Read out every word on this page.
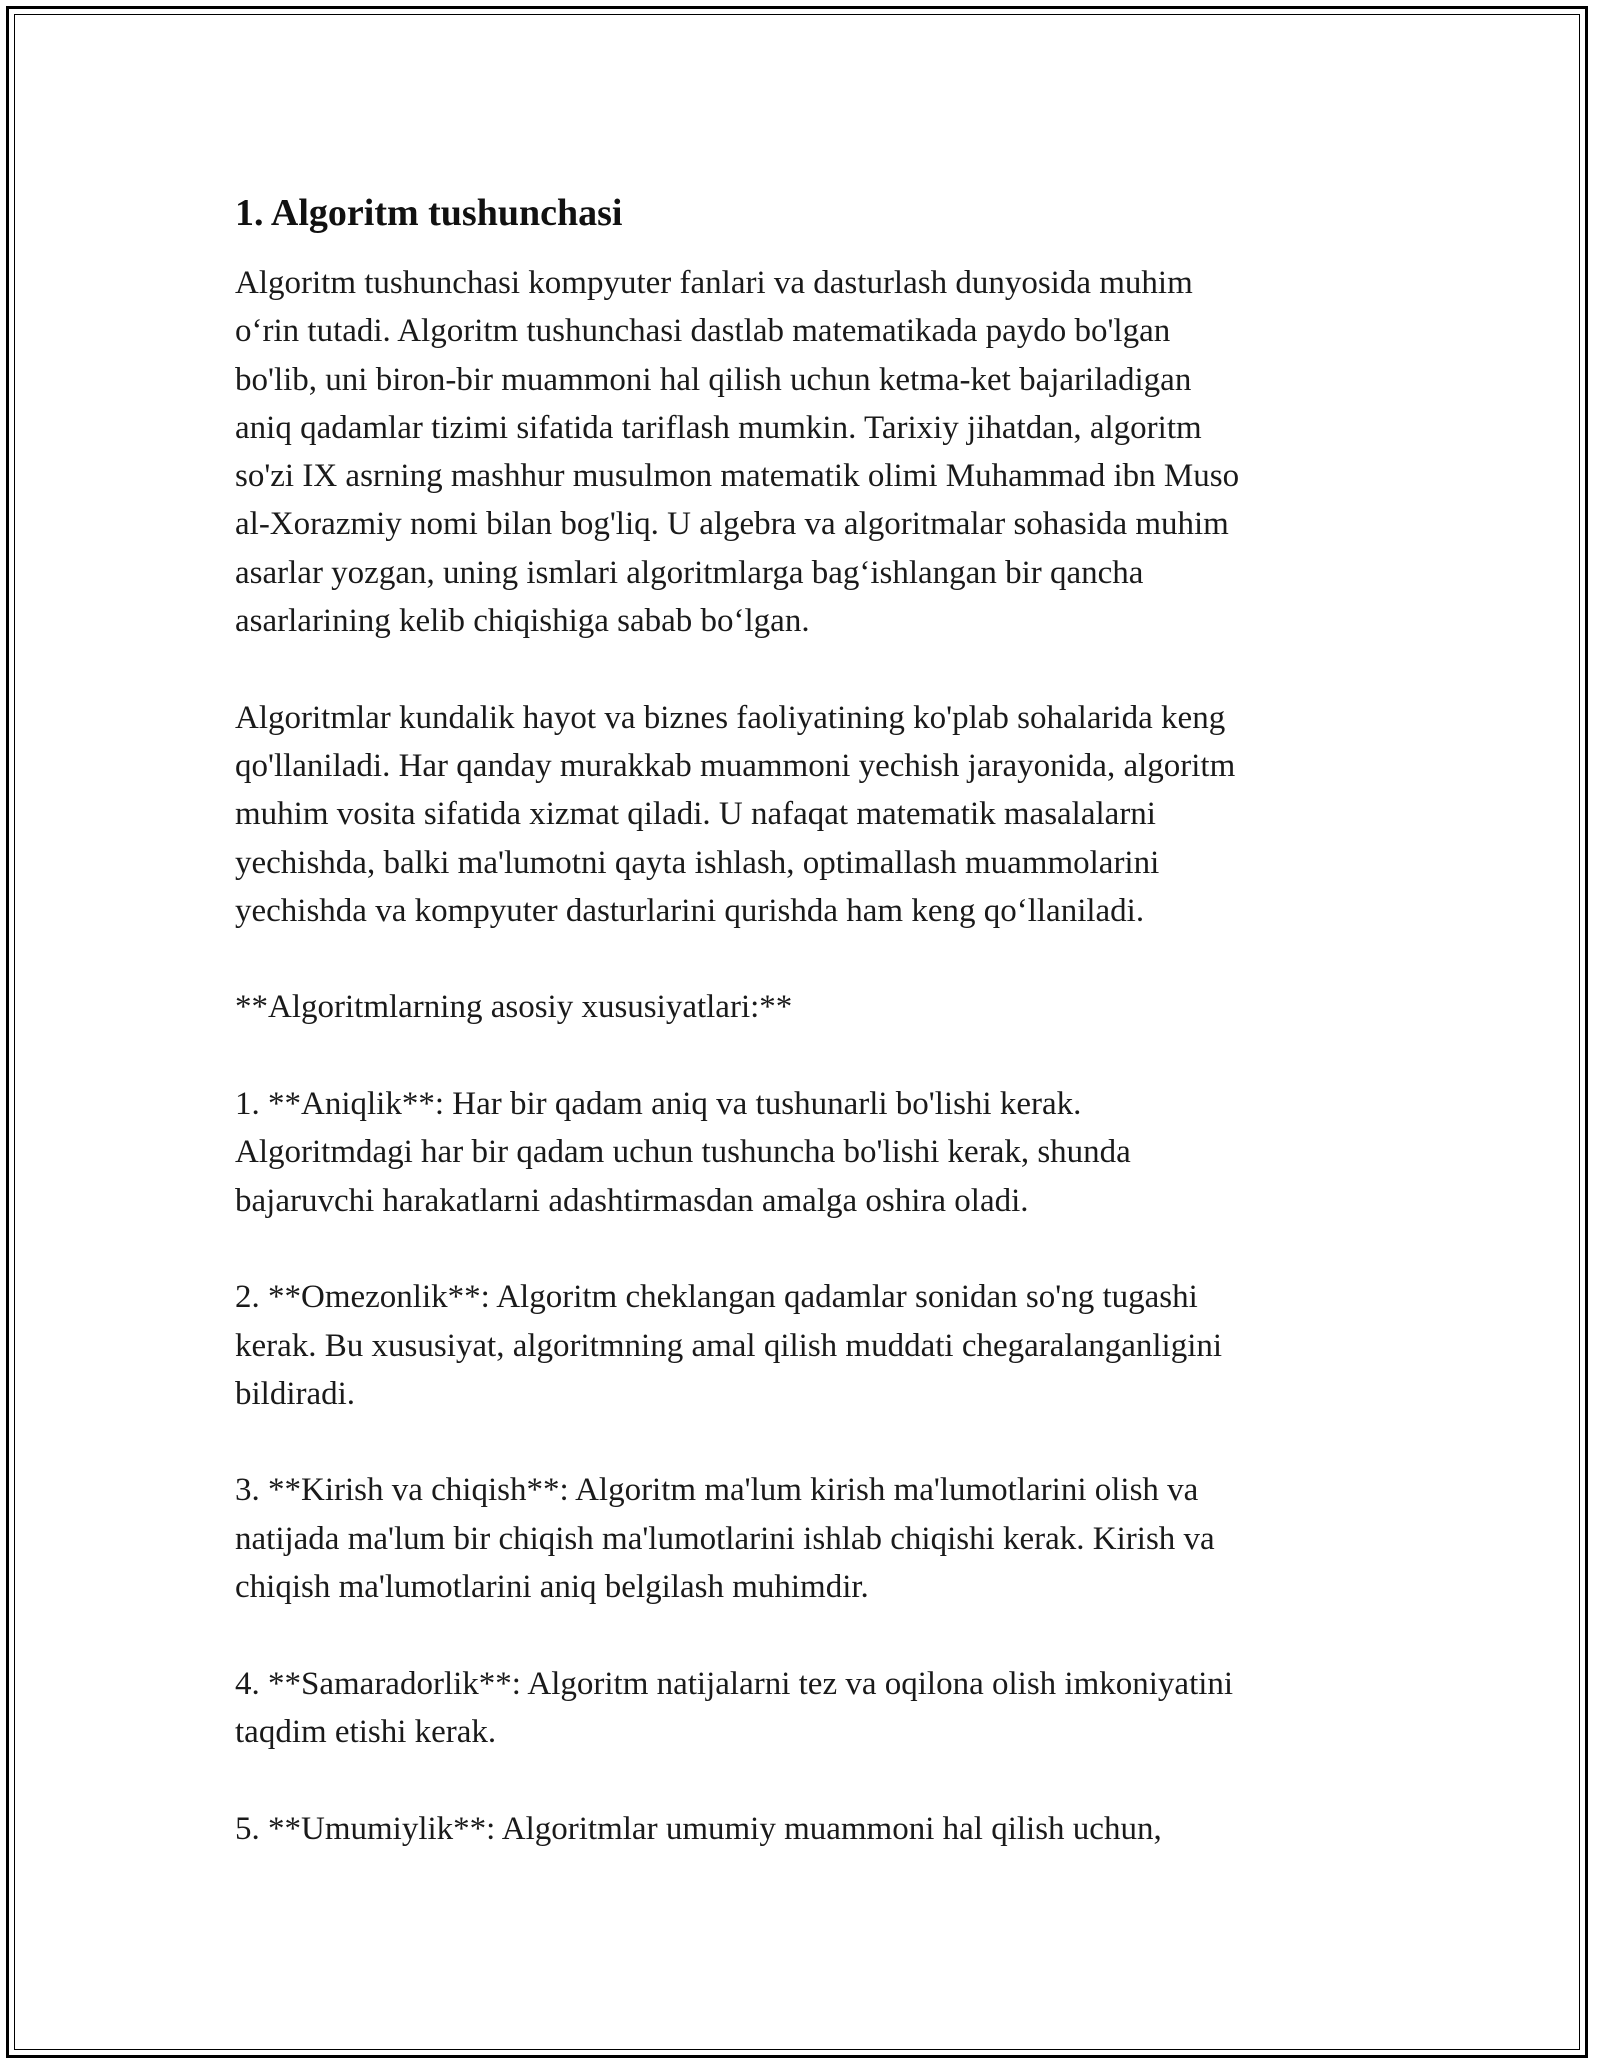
1. Algoritm tushunchasi
Algoritm tushunchasi kompyuter fanlari va dasturlash dunyosida muhim
o‘rin tutadi. Algoritm tushunchasi dastlab matematikada paydo bo'lgan
bo'lib, uni biron-bir muammoni hal qilish uchun ketma-ket bajariladigan
aniq qadamlar tizimi sifatida tariflash mumkin. Tarixiy jihatdan, algoritm
so'zi IX asrning mashhur musulmon matematik olimi Muhammad ibn Muso
al-Xorazmiy nomi bilan bog'liq. U algebra va algoritmalar sohasida muhim
asarlar yozgan, uning ismlari algoritmlarga bag‘ishlangan bir qancha
asarlarining kelib chiqishiga sabab bo‘lgan.
Algoritmlar kundalik hayot va biznes faoliyatining ko'plab sohalarida keng
qo'llaniladi. Har qanday murakkab muammoni yechish jarayonida, algoritm
muhim vosita sifatida xizmat qiladi. U nafaqat matematik masalalarni
yechishda, balki ma'lumotni qayta ishlash, optimallash muammolarini
yechishda va kompyuter dasturlarini qurishda ham keng qo‘llaniladi.
**Algoritmlarning asosiy xususiyatlari:**
1. **Aniqlik**: Har bir qadam aniq va tushunarli bo'lishi kerak.
Algoritmdagi har bir qadam uchun tushuncha bo'lishi kerak, shunda
bajaruvchi harakatlarni adashtirmasdan amalga oshira oladi.
2. **Omezonlik**: Algoritm cheklangan qadamlar sonidan so'ng tugashi
kerak. Bu xususiyat, algoritmning amal qilish muddati chegaralanganligini
bildiradi.
3. **Kirish va chiqish**: Algoritm ma'lum kirish ma'lumotlarini olish va
natijada ma'lum bir chiqish ma'lumotlarini ishlab chiqishi kerak. Kirish va
chiqish ma'lumotlarini aniq belgilash muhimdir.
4. **Samaradorlik**: Algoritm natijalarni tez va oqilona olish imkoniyatini
taqdim etishi kerak.
5. **Umumiylik**: Algoritmlar umumiy muammoni hal qilish uchun,
